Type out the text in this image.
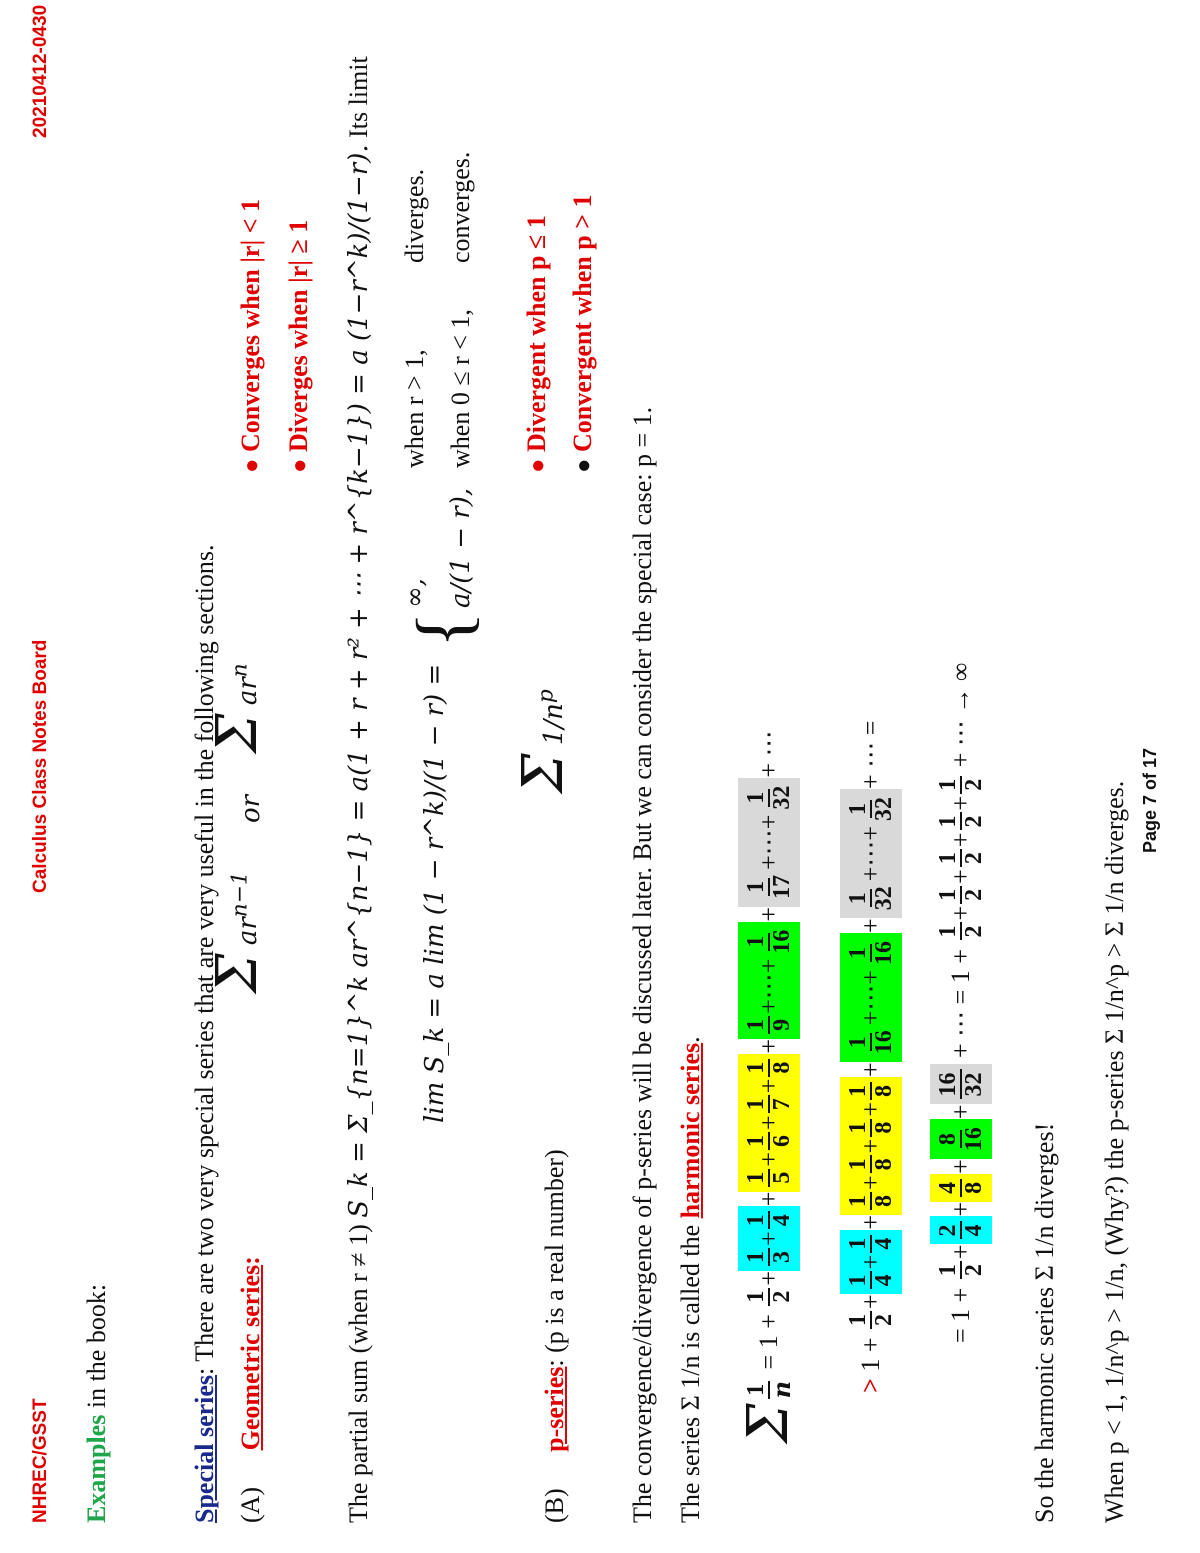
NHREC/GSST
Calculus Class Notes Board
20210412-0430
Examples in the book:
Special series: There are two very special series that are very useful in the following sections.
(A) Geometric series:
Σ $ar^{n-1}$
or
Σ $ar^n$
● Converges when |r| < 1
● Diverges when |r| ≥ 1
The partial sum (when r ≠ 1) S_k = Σ_{n=1}^k ar^{n−1} = a(1 + r + r² + ⋯ + r^{k−1}) = a (1−r^k)/(1−r). Its limit
lim S_k = a lim (1 − r^k)/(1 − r) =
{
∞,
when r > 1,
diverges.
a/(1 − r),
when 0 ≤ r < 1,
converges.
(B) p-series: (p is a real number)
Σ $1/n^p$
● Divergent when p ≤ 1
● Convergent when p > 1
The convergence/divergence of p-series will be discussed later. But we can consider the special case: p = 1. The series Σ 1/n is called the harmonic series.
Σ
1
n
= 1 +
1 2
+
1 3
+
1 4
+
1 5
+
1 6
+
1 7
+
1 8
+
1 9
+
⋯
+
1 16
+
1 17
+
⋯
+
1 32
+ ⋯
>
1 +
1 2
+
1 4
+
1 4
+
1 8
+
1 8
+
1 8
+
1 8
+
1 16
+
⋯
+
1 16
+
1 32
+
⋯
+
1 32
+ ⋯ =
= 1 +
1 2
+
2 4
+
4 8
+
8 16
+
16 32

+ ⋯ = 1 +

1 2
+
1 2
+
1 2
+
1 2
+
1 2

+ ⋯ → ∞
So the harmonic series Σ 1/n diverges! When p < 1, 1/n^p > 1/n, (Why?) the p-series Σ 1/n^p > Σ 1/n diverges. Page 7 of 17
